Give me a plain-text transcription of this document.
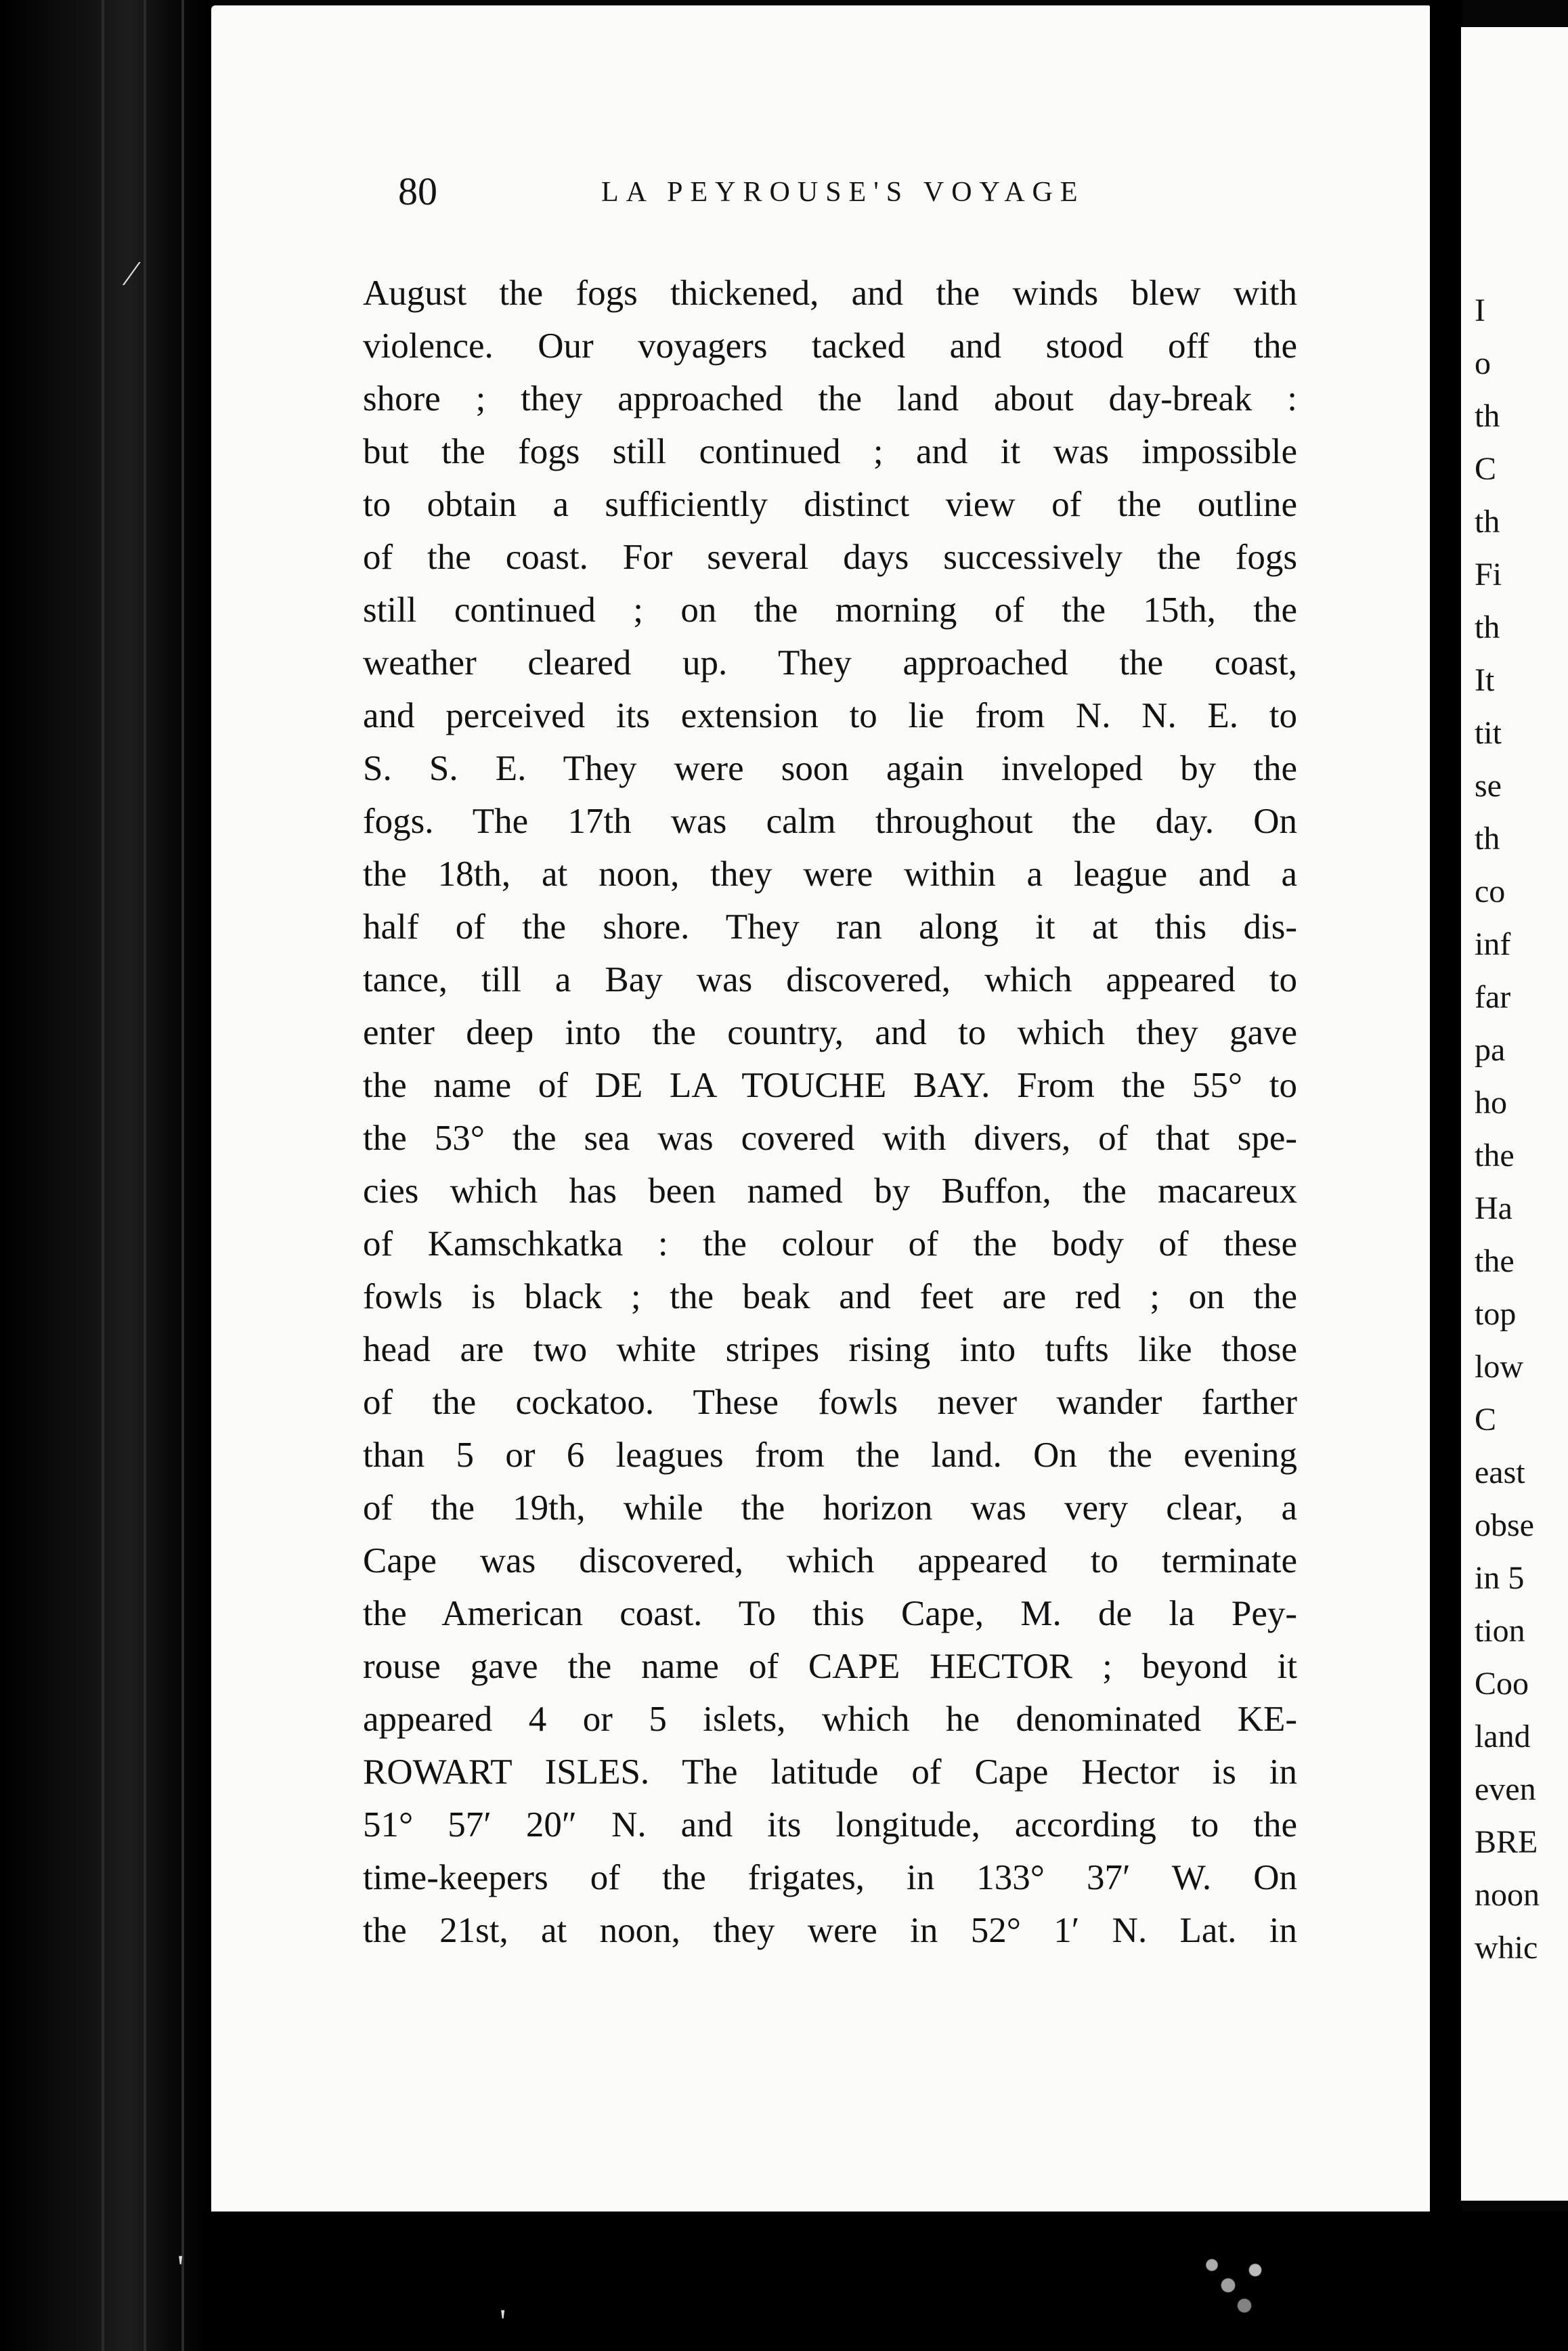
⁄
'
'
80	LA PEYROUSE'S VOYAGE
August the fogs thickened, and the winds blew with
violence. Our voyagers tacked and stood off the
shore ; they approached the land about day-break :
but the fogs still continued ; and it was impossible
to obtain a sufficiently distinct view of the outline
of the coast. For several days successively the fogs
still continued ; on the morning of the 15th, the
weather cleared up. They approached the coast,
and perceived its extension to lie from N. N. E. to
S. S. E. They were soon again inveloped by the
fogs. The 17th was calm throughout the day. On
the 18th, at noon, they were within a league and a
half of the shore. They ran along it at this dis-
tance, till a Bay was discovered, which appeared to
enter deep into the country, and to which they gave
the name of DE LA TOUCHE BAY. From the 55° to
the 53° the sea was covered with divers, of that spe-
cies which has been named by Buffon, the macareux
of Kamschkatka : the colour of the body of these
fowls is black ; the beak and feet are red ; on the
head are two white stripes rising into tufts like those
of the cockatoo. These fowls never wander farther
than 5 or 6 leagues from the land. On the evening
of the 19th, while the horizon was very clear, a
Cape was discovered, which appeared to terminate
the American coast. To this Cape, M. de la Pey-
rouse gave the name of CAPE HECTOR ; beyond it
appeared 4 or 5 islets, which he denominated KE-
ROWART ISLES. The latitude of Cape Hector is in
51° 57′ 20″ N. and its longitude, according to the
time-keepers of the frigates, in 133° 37′ W. On
the 21st, at noon, they were in 52° 1′ N. Lat. in
I
o
th
C
th
Fi
th
It
tit
se
th
co
inf
far
pa
ho
the
Ha
the
top
low
C
east
obse
in 5
tion
Coo
land
even
BRE
noon
whic
